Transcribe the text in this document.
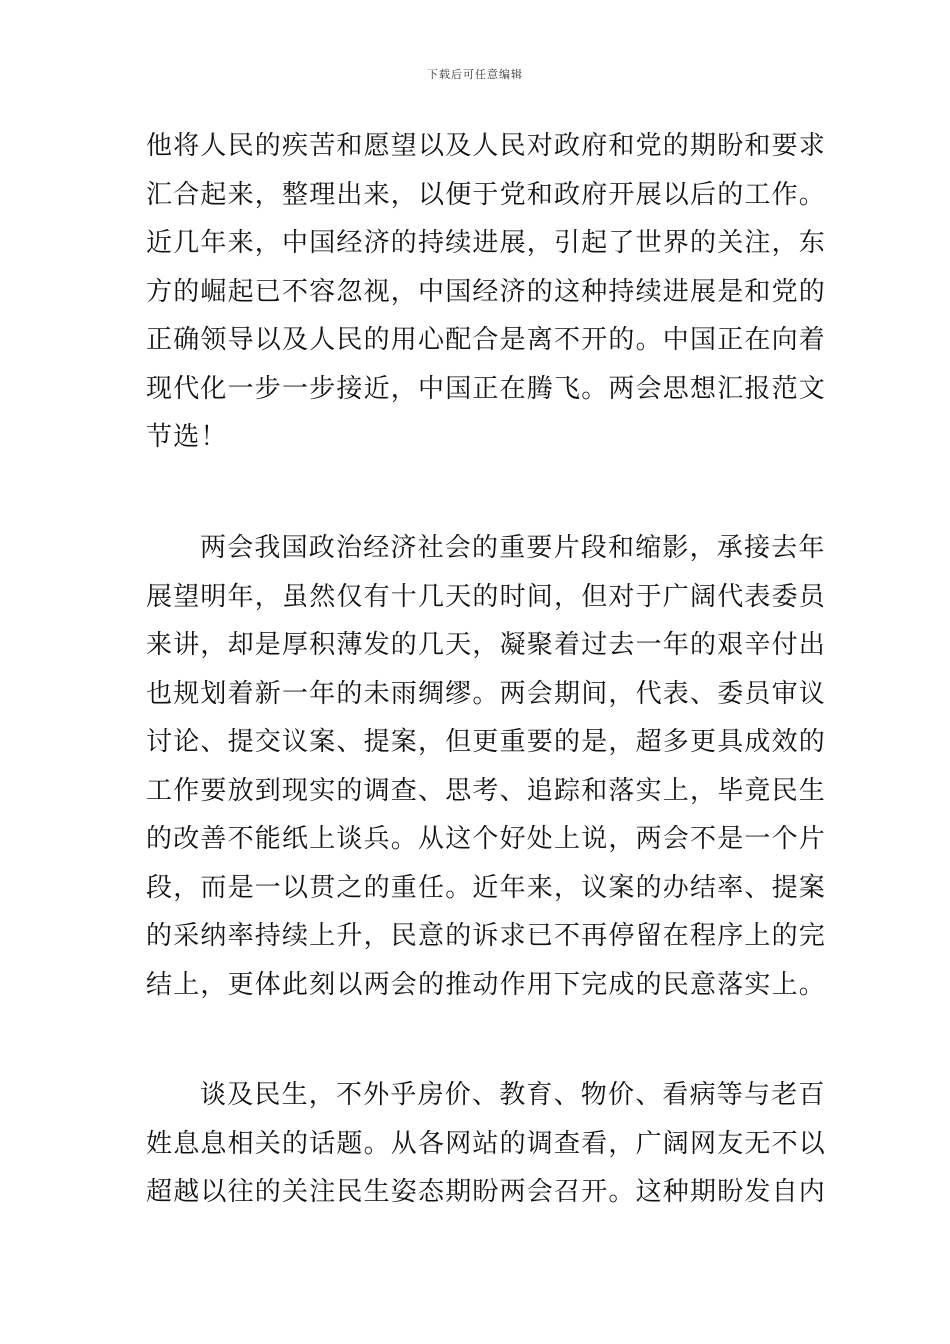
下载后可任意编辑
他将人民的疾苦和愿望以及人民对政府和党的期盼和要求
汇合起来，整理出来，以便于党和政府开展以后的工作。
近几年来，中国经济的持续进展，引起了世界的关注，东
方的崛起已不容忽视，中国经济的这种持续进展是和党的
正确领导以及人民的用心配合是离不开的。中国正在向着
现代化一步一步接近，中国正在腾飞。两会思想汇报范文
节选！
两会我国政治经济社会的重要片段和缩影，承接去年
展望明年，虽然仅有十几天的时间，但对于广阔代表委员
来讲，却是厚积薄发的几天，凝聚着过去一年的艰辛付出
也规划着新一年的未雨绸缪。两会期间，代表、委员审议
讨论、提交议案、提案，但更重要的是，超多更具成效的
工作要放到现实的调查、思考、追踪和落实上，毕竟民生
的改善不能纸上谈兵。从这个好处上说，两会不是一个片
段，而是一以贯之的重任。近年来，议案的办结率、提案
的采纳率持续上升，民意的诉求已不再停留在程序上的完
结上，更体此刻以两会的推动作用下完成的民意落实上。
谈及民生，不外乎房价、教育、物价、看病等与老百
姓息息相关的话题。从各网站的调查看，广阔网友无不以
超越以往的关注民生姿态期盼两会召开。这种期盼发自内
